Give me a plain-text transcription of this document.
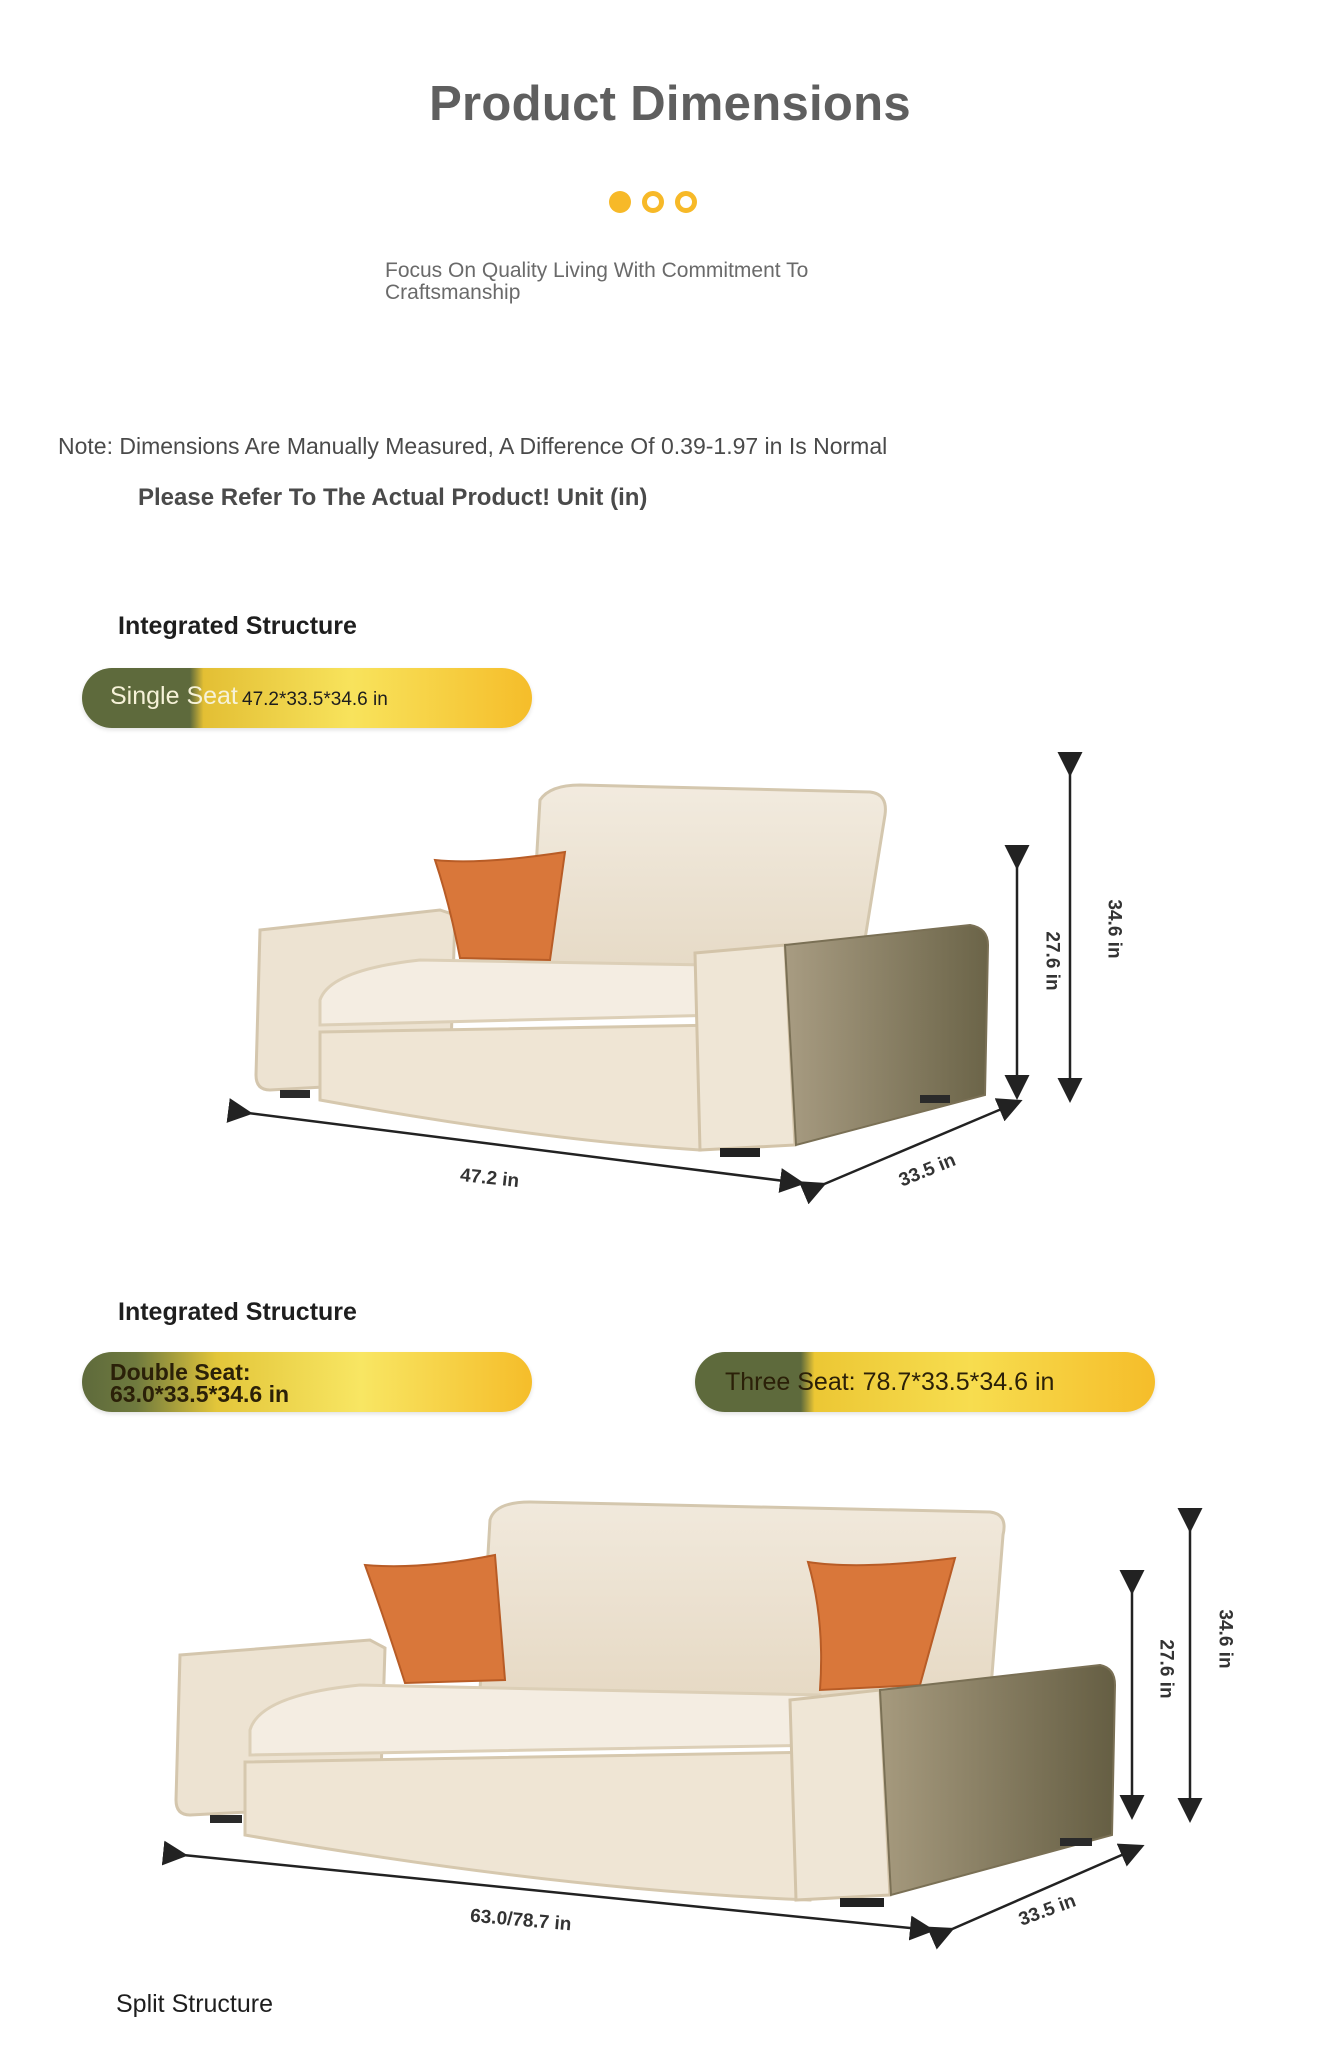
Product Dimensions
Focus On Quality Living With Commitment To Craftsmanship
Note: Dimensions Are Manually Measured, A Difference Of 0.39-1.97 in Is Normal
Please Refer To The Actual Product! Unit (in)
Integrated Structure
Single Seat 47.2*33.5*34.6 in
47.2 in	33.5 in
27.6 in
34.6 in
Integrated Structure
Double Seat:
63.0*33.5*34.6 in	Three Seat: 78.7*33.5*34.6 in
63.0/78.7 in	33.5 in
27.6 in
34.6 in
Split Structure
